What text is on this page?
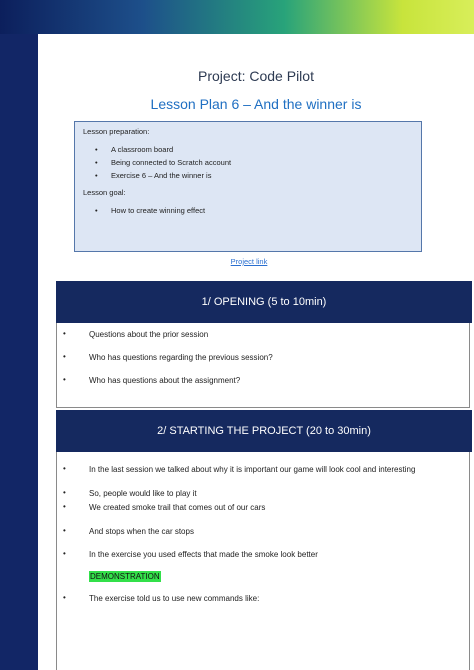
Project: Code Pilot
Lesson Plan 6 – And the winner is
Lesson preparation:
• A classroom board
• Being connected to Scratch account
• Exercise 6 – And the winner is
Lesson goal:
• How to create winning effect
Project link
1/ OPENING (5 to 10min)
•	Questions about the prior session
•	Who has questions regarding the previous session?
•	Who has questions about the assignment?
2/ STARTING THE PROJECT (20 to 30min)
•	In the last session we talked about why it is important our game will look cool and interesting
•	So, people would like to play it
•	We created smoke trail that comes out of our cars
•	And stops when the car stops
•	In the exercise you used effects that made the smoke look better
DEMONSTRATION
•	The exercise told us to use new commands like:
